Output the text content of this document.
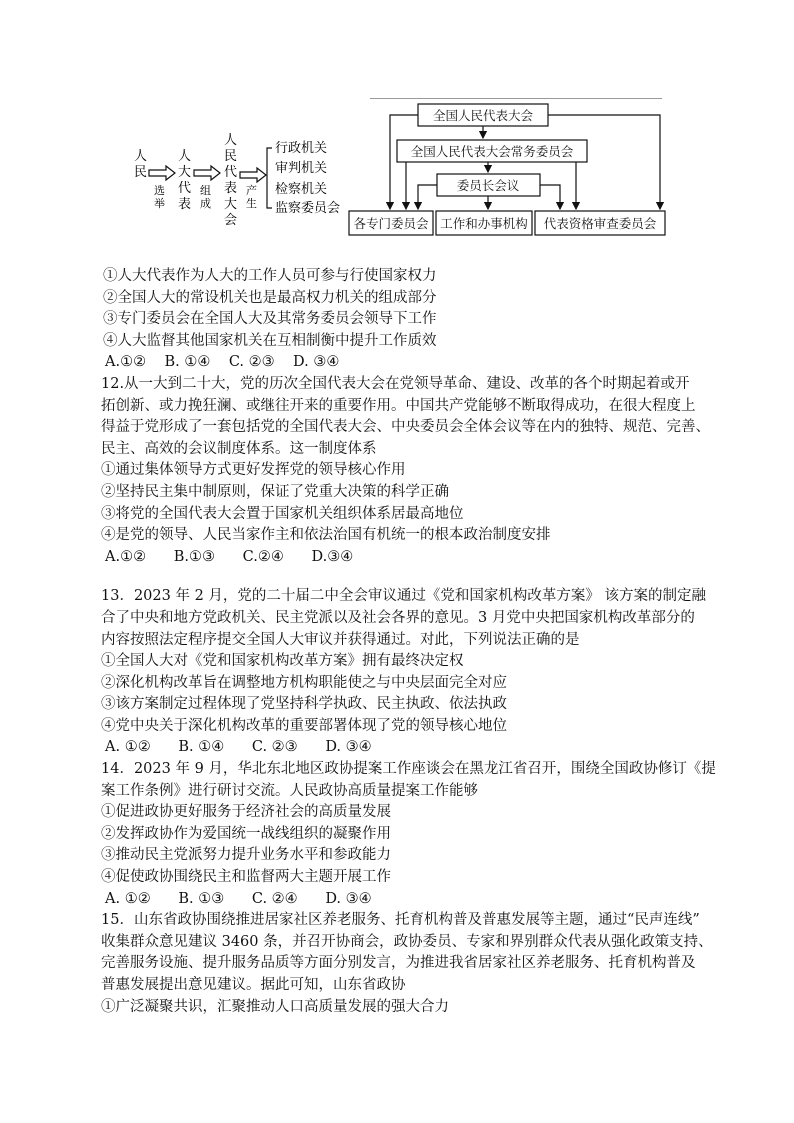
人
民
选
举
人
大
代
表
组
成
人
民
代
表
大
会
产
生
行政机关
审判机关
检察机关
监察委员会
全国人民代表大会
全国人民代表大会常务委员会
委员长会议
各专门委员会 工作和办事机构 代表资格审查委员会
①人大代表作为人大的工作人员可参与行使国家权力
②全国人大的常设机关也是最高权力机关的组成部分
③专门委员会在全国人大及其常务委员会领导下工作
④人大监督其他国家机关在互相制衡中提升工作质效
A.①②    B. ①④    C. ②③    D. ③④
12.从一大到二十大，党的历次全国代表大会在党领导革命、建设、改革的各个时期起着或开
拓创新、或力挽狂澜、或继往开来的重要作用。中国共产党能够不断取得成功，在很大程度上
得益于党形成了一套包括党的全国代表大会、中央委员会全体会议等在内的独特、规范、完善、
民主、高效的会议制度体系。这一制度体系
①通过集体领导方式更好发挥党的领导核心作用
②坚持民主集中制原则，保证了党重大决策的科学正确
③将党的全国代表大会置于国家机关组织体系居最高地位
④是党的领导、人民当家作主和依法治国有机统一的根本政治制度安排
A.①②      B.①③      C.②④      D.③④
13．2023 年 2 月，党的二十届二中全会审议通过《党和国家机构改革方案》 该方案的制定融
合了中央和地方党政机关、民主党派以及社会各界的意见。3 月党中央把国家机构改革部分的
内容按照法定程序提交全国人大审议并获得通过。对此，下列说法正确的是
①全国人大对《党和国家机构改革方案》拥有最终决定权
②深化机构改革旨在调整地方机构职能使之与中央层面完全对应
③该方案制定过程体现了党坚持科学执政、民主执政、依法执政
④党中央关于深化机构改革的重要部署体现了党的领导核心地位
A. ①②      B. ①④      C. ②③      D. ③④
14．2023 年 9 月，华北东北地区政协提案工作座谈会在黑龙江省召开，围绕全国政协修订《提
案工作条例》进行研讨交流。人民政协高质量提案工作能够
①促进政协更好服务于经济社会的高质量发展
②发挥政协作为爱国统一战线组织的凝聚作用
③推动民主党派努力提升业务水平和参政能力
④促使政协围绕民主和监督两大主题开展工作
A. ①②      B. ①③      C. ②④      D. ③④
15．山东省政协围绕推进居家社区养老服务、托育机构普及普惠发展等主题，通过“民声连线”
收集群众意见建议 3460 条，并召开协商会，政协委员、专家和界别群众代表从强化政策支持、
完善服务设施、提升服务品质等方面分别发言，为推进我省居家社区养老服务、托育机构普及
普惠发展提出意见建议。据此可知，山东省政协
①广泛凝聚共识，汇聚推动人口高质量发展的强大合力
